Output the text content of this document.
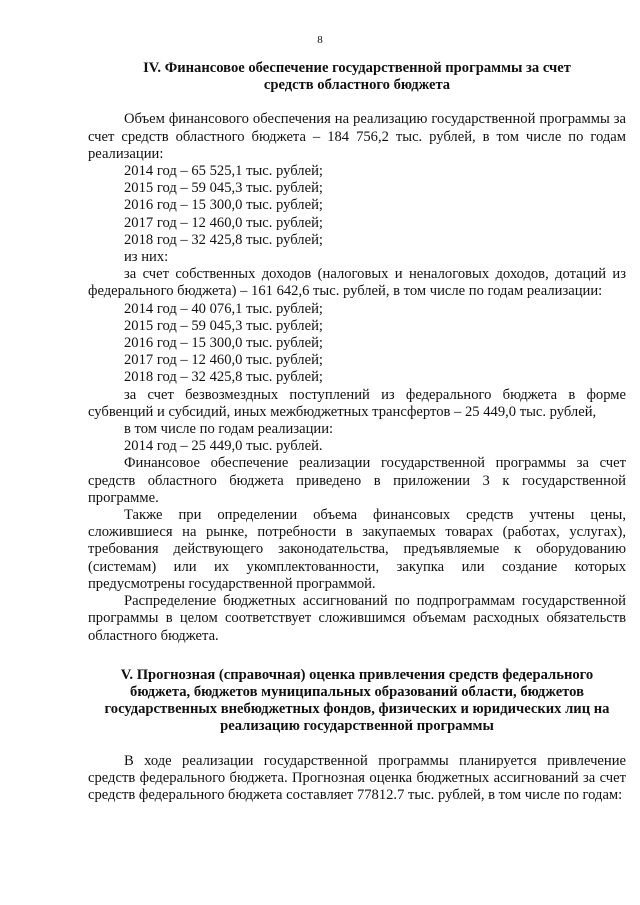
8
IV. Финансовое обеспечение государственной программы за счет
средств областного бюджета

Объем финансового обеспечения на реализацию государственной программы за счет средств областного бюджета – 184 756,2 тыс. рублей, в том числе по годам реализации:

2014 год – 65 525,1 тыс. рублей;
2015 год – 59 045,3 тыс. рублей;
2016 год – 15 300,0 тыс. рублей;
2017 год – 12 460,0 тыс. рублей;
2018 год – 32 425,8 тыс. рублей;

из них:

за счет собственных доходов (налоговых и неналоговых доходов, дотаций из федерального бюджета) – 161 642,6 тыс. рублей, в том числе по годам реализации:

2014 год – 40 076,1 тыс. рублей;
2015 год – 59 045,3 тыс. рублей;
2016 год – 15 300,0 тыс. рублей;
2017 год – 12 460,0 тыс. рублей;
2018 год – 32 425,8 тыс. рублей;

за счет безвозмездных поступлений из федерального бюджета в форме субвенций и субсидий, иных межбюджетных трансфертов – 25 449,0 тыс. рублей,

в том числе по годам реализации:

2014 год – 25 449,0 тыс. рублей.

Финансовое обеспечение реализации государственной программы за счет средств областного бюджета приведено в приложении 3 к государственной программе.

Также при определении объема финансовых средств учтены цены, сложившиеся на рынке, потребности в закупаемых товарах (работах, услугах), требования действующего законодательства, предъявляемые к оборудованию (системам) или их укомплектованности, закупка или создание которых предусмотрены государственной программой.

Распределение бюджетных ассигнований по подпрограммам государственной программы в целом соответствует сложившимся объемам расходных обязательств областного бюджета.

V. Прогнозная (справочная) оценка привлечения средств федерального
бюджета, бюджетов муниципальных образований области, бюджетов
государственных внебюджетных фондов, физических и юридических лиц на
реализацию государственной программы

В ходе реализации государственной программы планируется привлечение средств федерального бюджета. Прогнозная оценка бюджетных ассигнований за счет средств федерального бюджета составляет 77812.7 тыс. рублей, в том числе по годам:
